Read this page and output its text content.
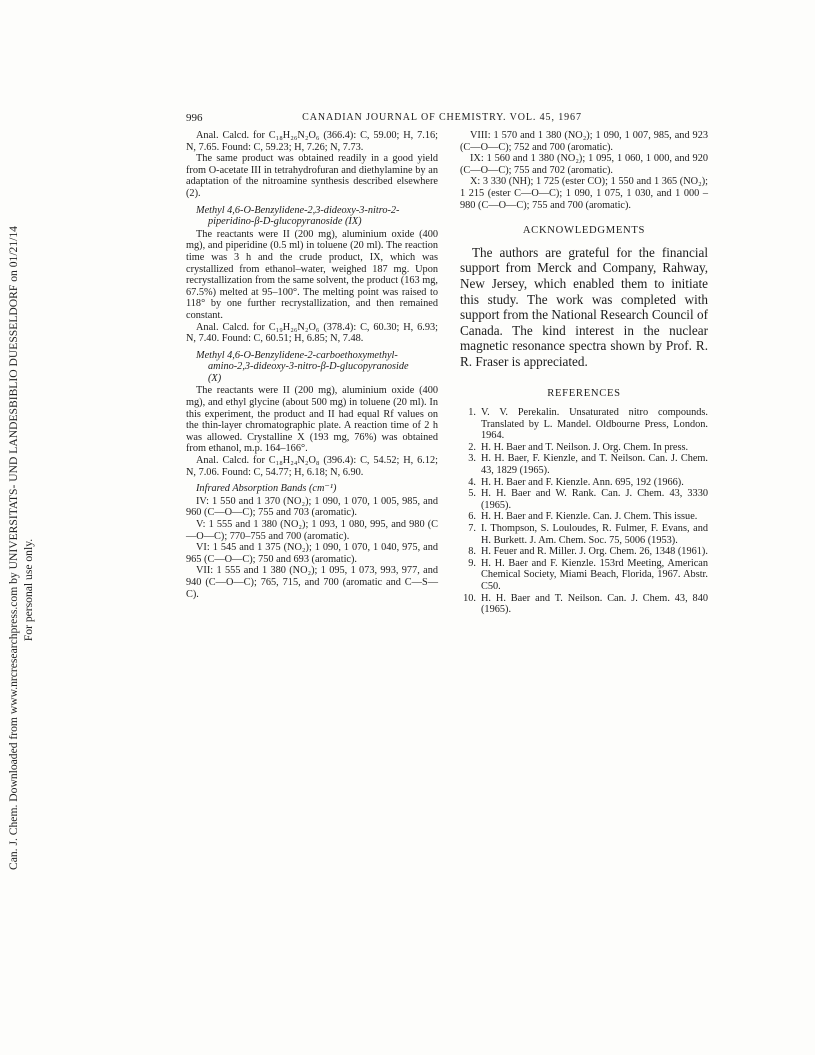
Can. J. Chem. Downloaded from www.nrcresearchpress.com by UNIVERSITATS- UND LANDESBIBLIO DUESSELDORF on 01/21/14 For personal use only.
996	CANADIAN JOURNAL OF CHEMISTRY. VOL. 45, 1967

Anal. Calcd. for C₁₈H₂₆N₂O₆ (366.4): C, 59.00; H, 7.16; N, 7.65. Found: C, 59.23; H, 7.26; N, 7.73.

The same product was obtained readily in a good yield from O-acetate III in tetrahydrofuran and diethylamine by an adaptation of the nitroamine synthesis described elsewhere (2).

Methyl 4,6-O-Benzylidene-2,3-dideoxy-3-nitro-2-
piperidino-β-D-glucopyranoside (IX)

The reactants were II (200 mg), aluminium oxide (400 mg), and piperidine (0.5 ml) in toluene (20 ml). The reaction time was 3 h and the crude product, IX, which was crystallized from ethanol–water, weighed 187 mg. Upon recrystallization from the same solvent, the product (163 mg, 67.5%) melted at 95–100°. The melting point was raised to 118° by one further recrystallization, and then remained constant.

Anal. Calcd. for C₁₉H₂₆N₂O₆ (378.4): C, 60.30; H, 6.93; N, 7.40. Found: C, 60.51; H, 6.85; N, 7.48.

Methyl 4,6-O-Benzylidene-2-carboethoxymethyl-
amino-2,3-dideoxy-3-nitro-β-D-glucopyranoside
(X)

The reactants were II (200 mg), aluminium oxide (400 mg), and ethyl glycine (about 500 mg) in toluene (20 ml). In this experiment, the product and II had equal Rf values on the thin-layer chromatographic plate. A reaction time of 2 h was allowed. Crystalline X (193 mg, 76%) was obtained from ethanol, m.p. 164–166°.

Anal. Calcd. for C₁₈H₂₄N₂O₈ (396.4): C, 54.52; H, 6.12; N, 7.06. Found: C, 54.77; H, 6.18; N, 6.90.

Infrared Absorption Bands (cm⁻¹)

IV: 1 550 and 1 370 (NO₂); 1 090, 1 070, 1 005, 985, and 960 (C—O—C); 755 and 703 (aromatic).

V: 1 555 and 1 380 (NO₂); 1 093, 1 080, 995, and 980 (C—O—C); 770–755 and 700 (aromatic).

VI: 1 545 and 1 375 (NO₂); 1 090, 1 070, 1 040, 975, and 965 (C—O—C); 750 and 693 (aromatic).

VII: 1 555 and 1 380 (NO₂); 1 095, 1 073, 993, 977, and 940 (C—O—C); 765, 715, and 700 (aromatic and C—S—C).

VIII: 1 570 and 1 380 (NO₂); 1 090, 1 007, 985, and 923 (C—O—C); 752 and 700 (aromatic).

IX: 1 560 and 1 380 (NO₂); 1 095, 1 060, 1 000, and 920 (C—O—C); 755 and 702 (aromatic).

X: 3 330 (NH); 1 725 (ester CO); 1 550 and 1 365 (NO₂); 1 215 (ester C—O—C); 1 090, 1 075, 1 030, and 1 000 – 980 (C—O—C); 755 and 700 (aromatic).

ACKNOWLEDGMENTS

The authors are grateful for the financial support from Merck and Company, Rahway, New Jersey, which enabled them to initiate this study. The work was completed with support from the National Research Council of Canada. The kind interest in the nuclear magnetic resonance spectra shown by Prof. R. R. Fraser is appreciated.

REFERENCES
1. V. V. Perekalin. Unsaturated nitro compounds. Translated by L. Mandel. Oldbourne Press, London. 1964.
2. H. H. Baer and T. Neilson. J. Org. Chem. In press.
3. H. H. Baer, F. Kienzle, and T. Neilson. Can. J. Chem. 43, 1829 (1965).
4. H. H. Baer and F. Kienzle. Ann. 695, 192 (1966).
5. H. H. Baer and W. Rank. Can. J. Chem. 43, 3330 (1965).
6. H. H. Baer and F. Kienzle. Can. J. Chem. This issue.
7. I. Thompson, S. Louloudes, R. Fulmer, F. Evans, and H. Burkett. J. Am. Chem. Soc. 75, 5006 (1953).
8. H. Feuer and R. Miller. J. Org. Chem. 26, 1348 (1961).
9. H. H. Baer and F. Kienzle. 153rd Meeting, American Chemical Society, Miami Beach, Florida, 1967. Abstr. C50.
10. H. H. Baer and T. Neilson. Can. J. Chem. 43, 840 (1965).
